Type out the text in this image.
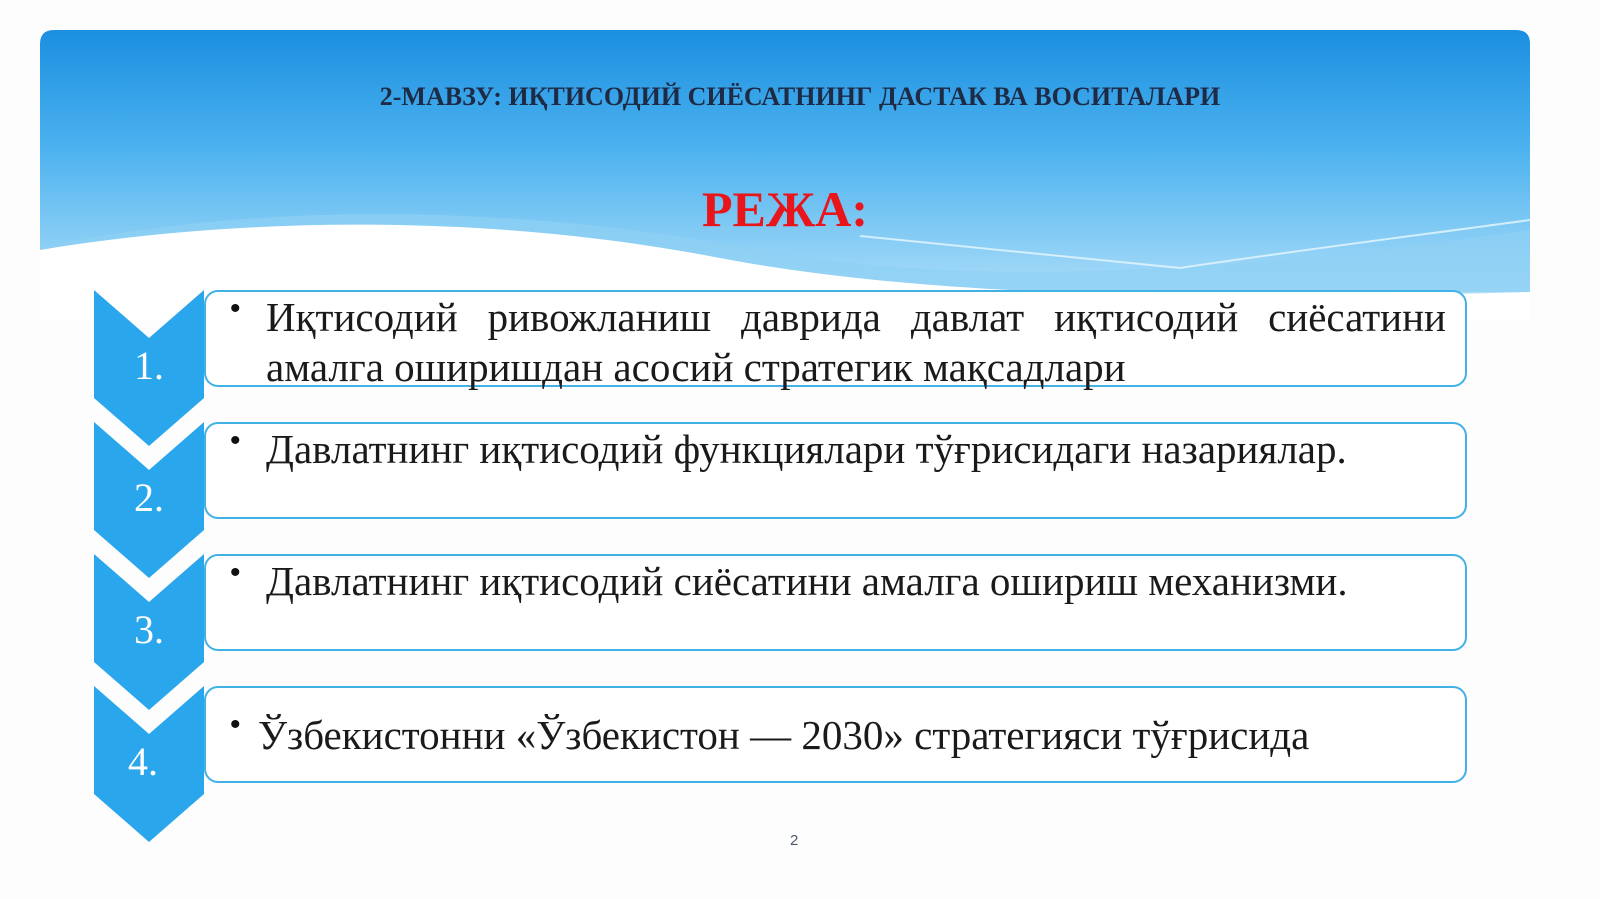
2-МАВЗУ: ИҚТИСОДИЙ СИЁСАТНИНГ ДАСТАК ВА ВОСИТАЛАРИ
РЕЖА:
1.
• Иқтисодий ривожланиш даврида давлат иқтисодий сиёсатини амалга оширишдан асосий стратегик мақсадлари
2.
• Давлатнинг иқтисодий функциялари тўғрисидаги назариялар.
3.
• Давлатнинг иқтисодий сиёсатини амалга ошириш механизми.
4.
• Ўзбекистонни «Ўзбекистон — 2030» стратегияси тўғрисида
2
